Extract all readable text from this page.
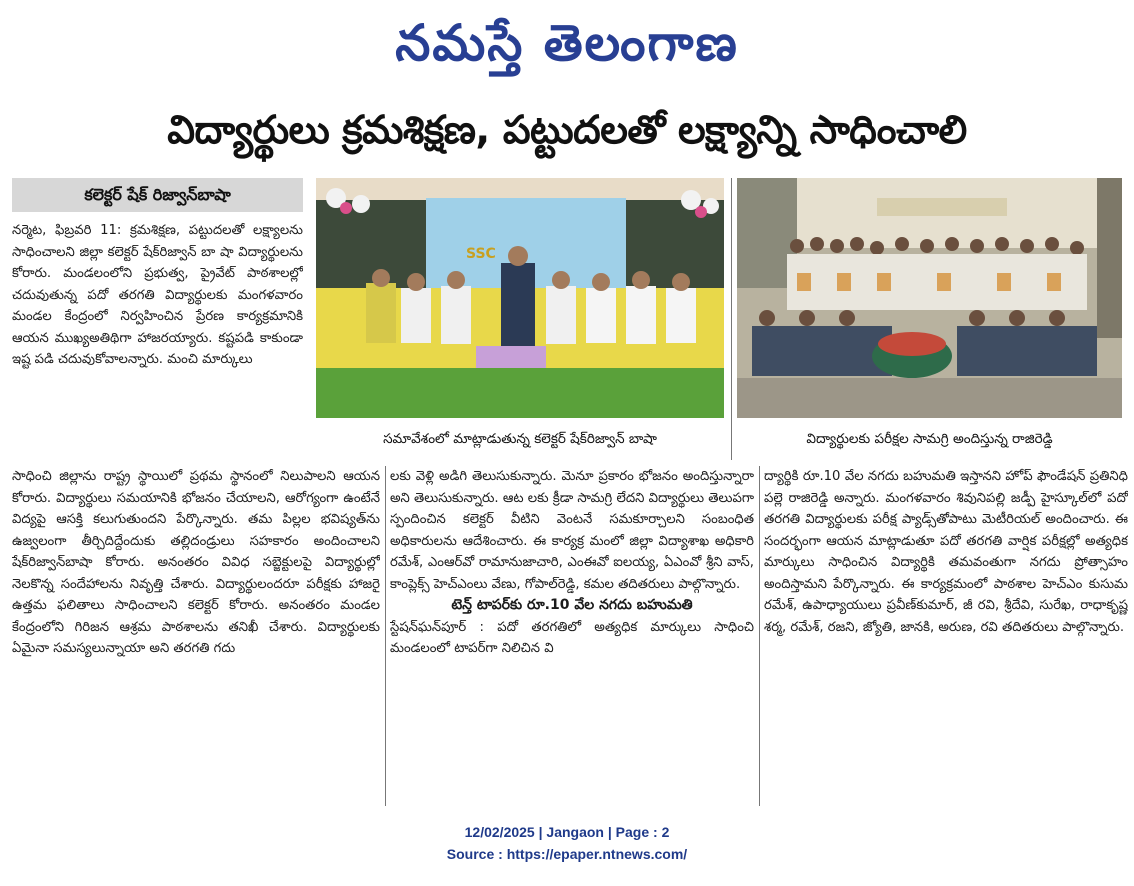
నమస్తే తెలంగాణ
విద్యార్థులు క్రమశిక్షణ, పట్టుదలతో లక్ష్యాన్ని సాధించాలి
కలెక్టర్ షేక్ రిజ్వాన్‌బాషా

నర్మెట, ఫిబ్రవరి 11: క్రమశిక్షణ, పట్టుదలతో లక్ష్యాలను సాధించాలని జిల్లా కలెక్టర్ షేక్‌రిజ్వాన్ బా షా విద్యార్థులను కోరారు. మండలంలోని ప్రభుత్వ, ప్రైవేట్ పాఠశాలల్లో చదువుతున్న పదో తరగతి విద్యార్థులకు మంగళవారం మండల కేంద్రంలో నిర్వహించిన ప్రేరణ కార్యక్రమానికి ఆయన ముఖ్యఅతిథిగా హాజరయ్యారు. కష్టపడి కాకుండా ఇష్ట పడి చదువుకోవాలన్నారు. మంచి మార్కులు

SSC
సమావేశంలో మాట్లాడుతున్న కలెక్టర్ షేక్‌రిజ్వాన్ బాషా	విద్యార్థులకు పరీక్షల సామగ్రి అందిస్తున్న రాజిరెడ్డి

సాధించి జిల్లాను రాష్ట్ర స్థాయిలో ప్రథమ స్థానంలో నిలుపాలని ఆయన కోరారు. విద్యార్థులు సమయానికి భోజనం చేయాలని, ఆరోగ్యంగా ఉంటేనే విద్యపై ఆసక్తి కలుగుతుందని పేర్కొన్నారు. తమ పిల్లల భవిష్యత్‌ను ఉజ్వలంగా తీర్చిదిద్దేందుకు తల్లిదండ్రులు సహకారం అందించాలని షేక్‌రిజ్వాన్‌బాషా కోరారు. అనంతరం వివిధ సబ్జెక్టులపై విద్యార్థుల్లో నెలకొన్న సందేహాలను నివృత్తి చేశారు. విద్యార్థులందరూ పరీక్షకు హాజరై ఉత్తమ ఫలితాలు సాధించాలని కలెక్టర్ కోరారు. అనంతరం మండల కేంద్రంలోని గిరిజన ఆశ్రమ పాఠశాలను తనిఖీ చేశారు. విద్యార్థులకు ఏమైనా సమస్యలున్నాయా అని తరగతి గదు

లకు వెళ్లి అడిగి తెలుసుకున్నారు. మెనూ ప్రకారం భోజనం అందిస్తున్నారా అని తెలుసుకున్నారు. ఆట లకు క్రీడా సామగ్రి లేదని విద్యార్థులు తెలుపగా స్పందించిన కలెక్టర్ వీటిని వెంటనే సమకూర్చాలని సంబంధిత అధికారులను ఆదేశించారు. ఈ కార్యక్ర మంలో జిల్లా విద్యాశాఖ అధికారి రమేశ్, ఎంఆర్‌వో రామానుజాచారి, ఎంఈవో ఐలయ్య, ఏఎంవో శ్రీని వాస్, కాంప్లెక్స్ హెచ్‌ఎంలు వేణు, గోపాల్‌రెడ్డి, కమల తదితరులు పాల్గొన్నారు.

టెన్త్ టాపర్‌కు రూ.10 వేల నగదు బహుమతి

స్టేషన్‌ఘన్‌పూర్ : పదో తరగతిలో అత్యధిక మార్కులు సాధించి మండలంలో టాపర్‌గా నిలిచిన వి

ద్యార్థికి రూ.10 వేల నగదు బహుమతి ఇస్తానని హోప్ ఫౌండేషన్ ప్రతినిధి పల్లె రాజిరెడ్డి అన్నారు. మంగళవారం శివునిపల్లి జడ్పీ హైస్కూల్‌లో పదో తరగతి విద్యార్థులకు పరీక్ష ప్యాడ్స్‌తోపాటు మెటీరియల్ అందించారు. ఈ సందర్భంగా ఆయన మాట్లాడుతూ పదో తరగతి వార్షిక పరీక్షల్లో అత్యధిక మార్కులు సాధించిన విద్యార్థికి తమవంతుగా నగదు ప్రోత్సాహం అందిస్తామని పేర్కొన్నారు. ఈ కార్యక్రమంలో పాఠశాల హెచ్‌ఎం కుసుమ రమేశ్, ఉపాధ్యాయులు ప్రవీణ్‌కుమార్, జీ రవి, శ్రీదేవి, సురేఖ, రాధాకృష్ణ శర్మ, రమేశ్, రజని, జ్యోతి, జానకి, అరుణ, రవి తదితరులు పాల్గొన్నారు.

12/02/2025 | Jangaon | Page : 2
Source : https://epaper.ntnews.com/
